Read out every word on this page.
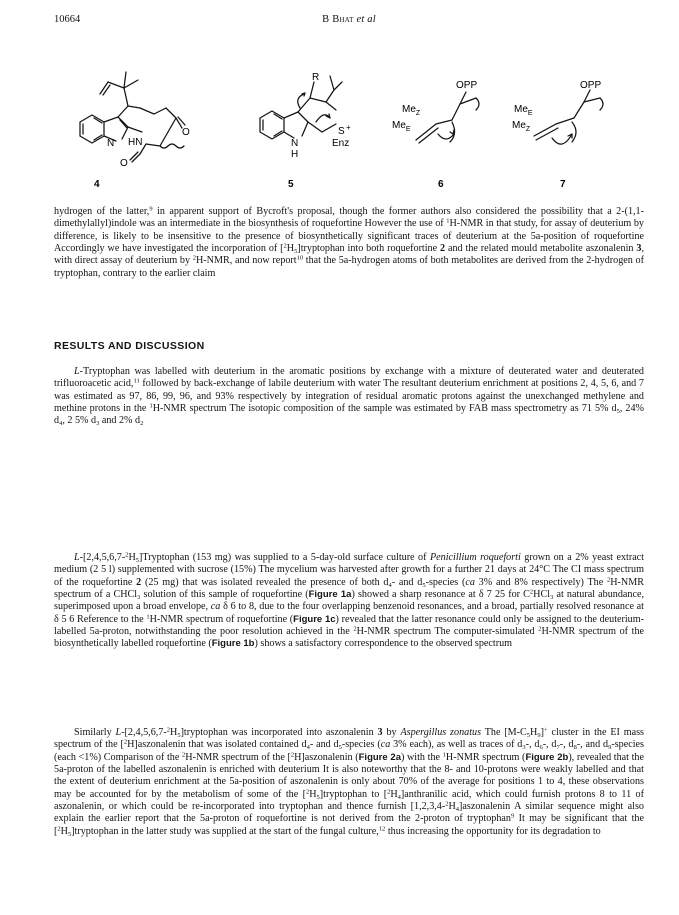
10664	B Bhat et al
N HN
O
O
R
N
H
S +
Enz
OPP
$Me_Z$
$Me_E$
OPP
$Me_E$
$Me_Z$
4	5	6	7

hydrogen of the latter,$^9$ in apparent support of Bycroft's proposal, though the former authors also considered the possibility that a 2-(1,1-dimethylallyl)indole was an intermediate in the biosynthesis of roquefortine However the use of $^1$H-NMR in that study, for assay of deuterium by difference, is likely to be insensitive to the presence of biosynthetically significant traces of deuterium at the 5a-position of roquefortine Accordingly we have investigated the incorporation of $[^2H_5]tryptophan$ into both roquefortine 2 and the related mould metabolite aszonalenin 3, with direct assay of deuterium by $^2$H-NMR, and now report$^{10}$ that the 5a-hydrogen atoms of both metabolites are derived from the 2-hydrogen of tryptophan, contrary to the earlier claim

RESULTS AND DISCUSSION

L-Tryptophan was labelled with deuterium in the aromatic positions by exchange with a mixture of deuterated water and deuterated trifluoroacetic acid,$^{11}$ followed by back-exchange of labile deuterium with water The resultant deuterium enrichment at positions 2, 4, 5, 6, and 7 was estimated as 97, 86, 99, 96, and 93% respectively by integration of residual aromatic protons against the unexchanged methylene and methine protons in the $^1$H-NMR spectrum The isotopic composition of the sample was estimated by FAB mass spectrometry as 71 5% $d_5$, 24% $d_4$, 2 5% $d_3$ and 2% $d_2$

$L-[2,4,5,6,7-^2H_5]Tryptophan$ (153 mg) was supplied to a 5-day-old surface culture of Penicillium roqueforti grown on a 2% yeast extract medium (2 5 l) supplemented with sucrose (15%) The mycelium was harvested after growth for a further 21 days at 24°C The CI mass spectrum of the roquefortine 2 (25 mg) that was isolated revealed the presence of both $d_4-$ and $d_5$-species (ca 3% and 8% respectively) The $^2$H-NMR spectrum of a CHCl$_3$ solution of this sample of roquefortine (Figure 1a) showed a sharp resonance at δ 7 25 for $C^2HCl_3$ at natural abundance, superimposed upon a broad envelope, ca δ 6 to 8, due to the four overlapping benzenoid resonances, and a broad, partially resolved resonance at δ 5 6 Reference to the $^1$H-NMR spectrum of roquefortine (Figure 1c) revealed that the latter resonance could only be assigned to the deuterium-labelled 5a-proton, notwithstanding the poor resolution achieved in the $^2$H-NMR spectrum The computer-simulated $^2$H-NMR spectrum of the biosynthetically labelled roquefortine (Figure 1b) shows a satisfactory correspondence to the observed spectrum

Similarly $L-[2,4,5,6,7-^2H_5]tryptophan$ was incorporated into aszonalenin 3 by Aspergillus zonatus The $[M-C_5H_9]^+$ cluster in the EI mass spectrum of the [$^2$H]aszonalenin that was isolated contained $d_4-$ and $d_5$-species (ca 3% each), as well as traces of $d_3-$, $d_6-$, $d_7-$, $d_8-$, and $d_9$-species (each <1%) Comparison of the $^2$H-NMR spectrum of the [$^2$H]aszonalenin (Figure 2a) with the $^1$H-NMR spectrum (Figure 2b), revealed that the 5a-proton of the labelled aszonalenin is enriched with deuterium It is also noteworthy that the 8- and 10-protons were weakly labelled and that the extent of deuterium enrichment at the 5a-position of aszonalenin is only about 70% of the average for positions 1 to 4, these observations may be accounted for by the metabolism of some of the $[^2H_5]tryptophan$ to $[^2H_4]anthranilic$ acid, which could furnish protons 8 to 11 of aszonalenin, or which could be re-incorporated into tryptophan and thence furnish $[1,2,3,4-^2H_4]aszonalenin$ A similar sequence might also explain the earlier report that the 5a-proton of roquefortine is not derived from the 2-proton of tryptophan$^9$ It may be significant that the $[^2H_5]tryptophan$ in the latter study was supplied at the start of the fungal culture,$^{12}$ thus increasing the opportunity for its degradation to
